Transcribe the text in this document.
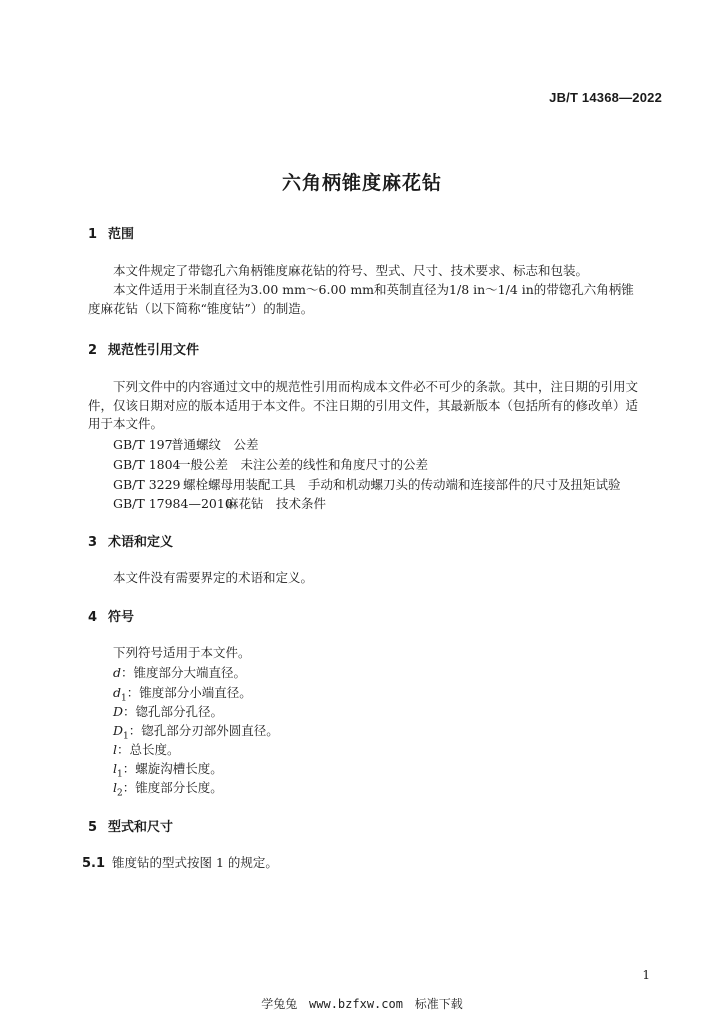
JB/T 14368—2022
六角柄锥度麻花钻
1 范围
本文件规定了带锪孔六角柄锥度麻花钻的符号、型式、尺寸、技术要求、标志和包装。
本文件适用于米制直径为3.00 mm～6.00 mm和英制直径为1/8 in～1/4 in的带锪孔六角柄锥度麻花钻（以下简称“锥度钻”）的制造。
2 规范性引用文件
下列文件中的内容通过文中的规范性引用而构成本文件必不可少的条款。其中，注日期的引用文件，仅该日期对应的版本适用于本文件。不注日期的引用文件，其最新版本（包括所有的修改单）适用于本文件。
GB/T 197普通螺纹　公差
GB/T 1804一般公差　未注公差的线性和角度尺寸的公差
GB/T 3229 螺栓螺母用装配工具　手动和机动螺刀头的传动端和连接部件的尺寸及扭矩试验
GB/T 17984—2010麻花钻　技术条件
3 术语和定义
本文件没有需要界定的术语和定义。
4 符号
下列符号适用于本文件。
d：锥度部分大端直径。
$d_1$：锥度部分小端直径。
D：锪孔部分孔径。
$D_1$：锪孔部分刃部外圆直径。
l：总长度。
$l_1$：螺旋沟槽长度。
$l_2$：锥度部分长度。
5 型式和尺寸
5.1 锥度钻的型式按图 1 的规定。
1
学兔兔 www.bzfxw.com 标准下载
